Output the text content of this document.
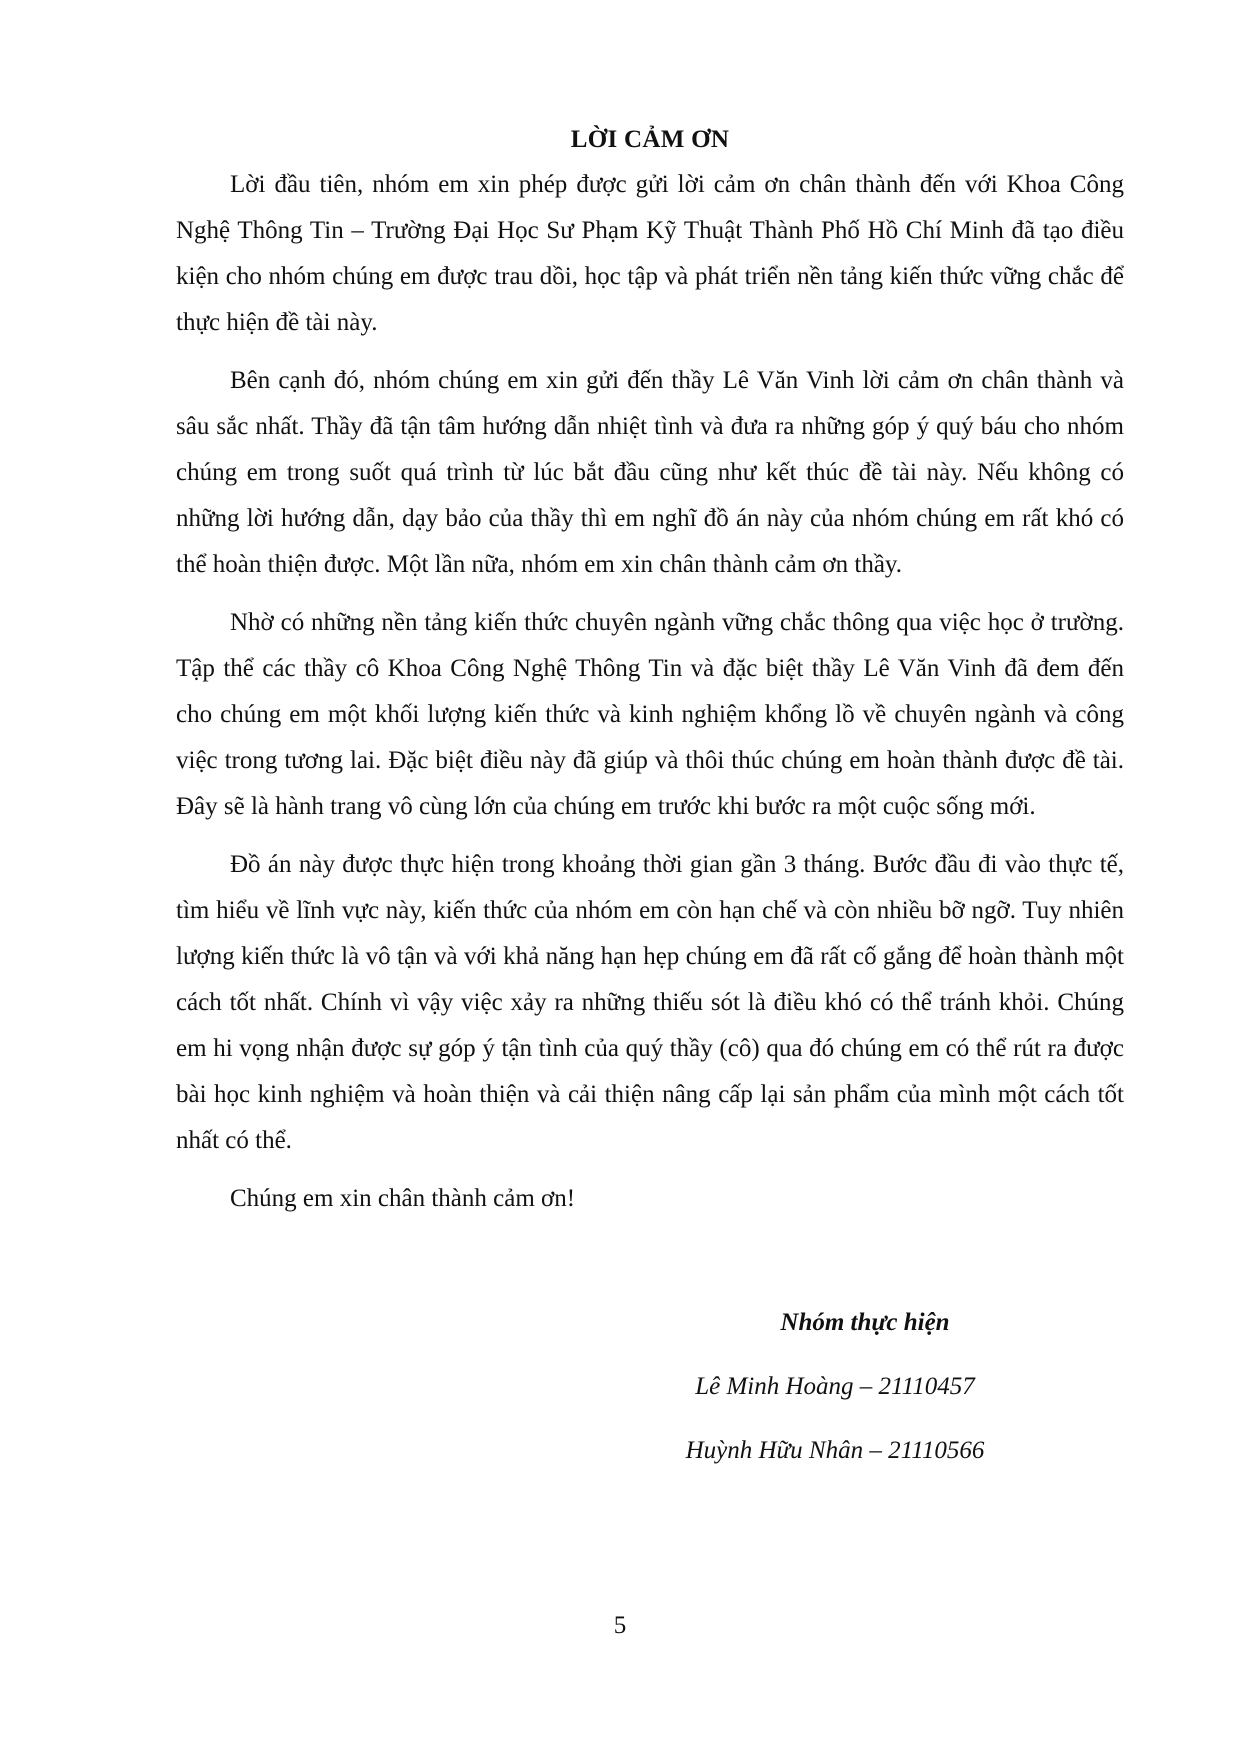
LỜI CẢM ƠN

Lời đầu tiên, nhóm em xin phép được gửi lời cảm ơn chân thành đến với Khoa Công Nghệ Thông Tin – Trường Đại Học Sư Phạm Kỹ Thuật Thành Phố Hồ Chí Minh đã tạo điều kiện cho nhóm chúng em được trau dồi, học tập và phát triển nền tảng kiến thức vững chắc để thực hiện đề tài này.

Bên cạnh đó, nhóm chúng em xin gửi đến thầy Lê Văn Vinh lời cảm ơn chân thành và sâu sắc nhất. Thầy đã tận tâm hướng dẫn nhiệt tình và đưa ra những góp ý quý báu cho nhóm chúng em trong suốt quá trình từ lúc bắt đầu cũng như kết thúc đề tài này. Nếu không có những lời hướng dẫn, dạy bảo của thầy thì em nghĩ đồ án này của nhóm chúng em rất khó có thể hoàn thiện được. Một lần nữa, nhóm em xin chân thành cảm ơn thầy.

Nhờ có những nền tảng kiến thức chuyên ngành vững chắc thông qua việc học ở trường. Tập thể các thầy cô Khoa Công Nghệ Thông Tin và đặc biệt thầy Lê Văn Vinh đã đem đến cho chúng em một khối lượng kiến thức và kinh nghiệm khổng lồ về chuyên ngành và công việc trong tương lai. Đặc biệt điều này đã giúp và thôi thúc chúng em hoàn thành được đề tài. Đây sẽ là hành trang vô cùng lớn của chúng em trước khi bước ra một cuộc sống mới.

Đồ án này được thực hiện trong khoảng thời gian gần 3 tháng. Bước đầu đi vào thực tế, tìm hiểu về lĩnh vực này, kiến thức của nhóm em còn hạn chế và còn nhiều bỡ ngỡ. Tuy nhiên lượng kiến thức là vô tận và với khả năng hạn hẹp chúng em đã rất cố gắng để hoàn thành một cách tốt nhất. Chính vì vậy việc xảy ra những thiếu sót là điều khó có thể tránh khỏi. Chúng em hi vọng nhận được sự góp ý tận tình của quý thầy (cô) qua đó chúng em có thể rút ra được bài học kinh nghiệm và hoàn thiện và cải thiện nâng cấp lại sản phẩm của mình một cách tốt nhất có thể.

Chúng em xin chân thành cảm ơn!

Nhóm thực hiện
Lê Minh Hoàng – 21110457
Huỳnh Hữu Nhân – 21110566
5
